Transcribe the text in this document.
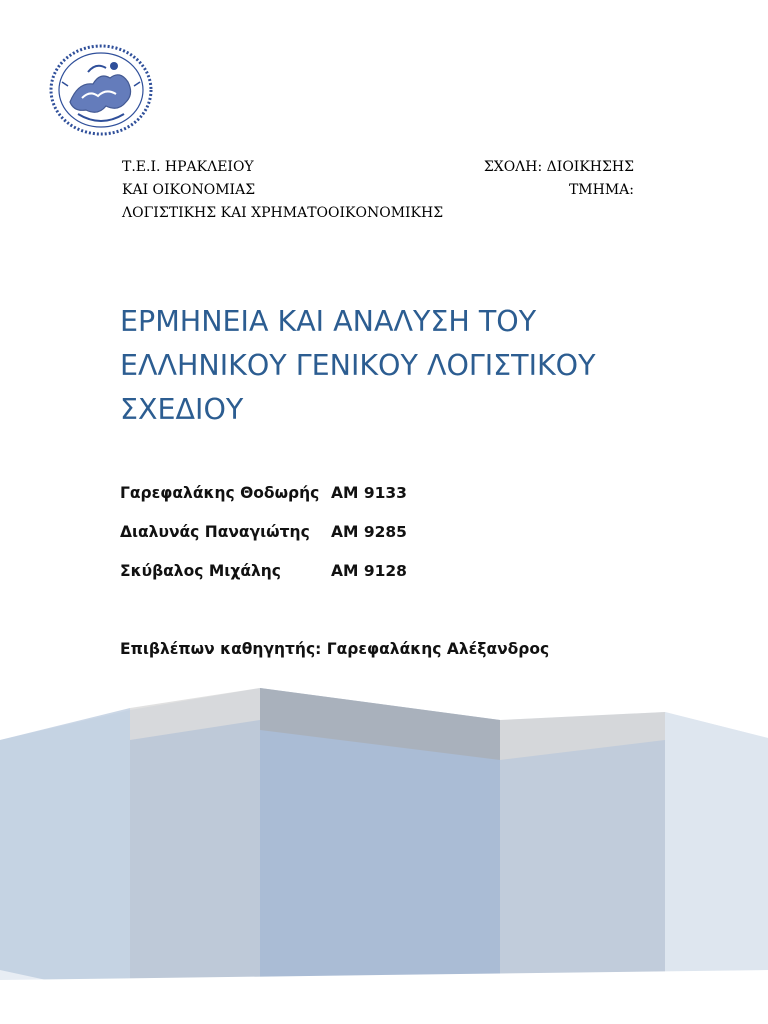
Τ.Ε.Ι. ΗΡΑΚΛΕΙΟΥ	ΣΧΟΛΗ: ΔΙΟΙΚΗΣΗΣ
ΚΑΙ ΟΙΚΟΝΟΜΙΑΣ	ΤΜΗΜΑ:
ΛΟΓΙΣΤΙΚΗΣ ΚΑΙ ΧΡΗΜΑΤΟΟΙΚΟΝΟΜΙΚΗΣ
ΕΡΜΗΝΕΙΑ ΚΑΙ ΑΝΑΛΥΣΗ ΤΟΥ
ΕΛΛΗΝΙΚΟΥ ΓΕΝΙΚΟΥ ΛΟΓΙΣΤΙΚΟΥ
ΣΧΕΔΙΟΥ
Γαρεφαλάκης Θοδωρής ΑΜ 9133
Διαλυνάς Παναγιώτης ΑΜ 9285
Σκύβαλος Μιχάλης	ΑΜ 9128
Επιβλέπων καθηγητής: Γαρεφαλάκης Αλέξανδρος
